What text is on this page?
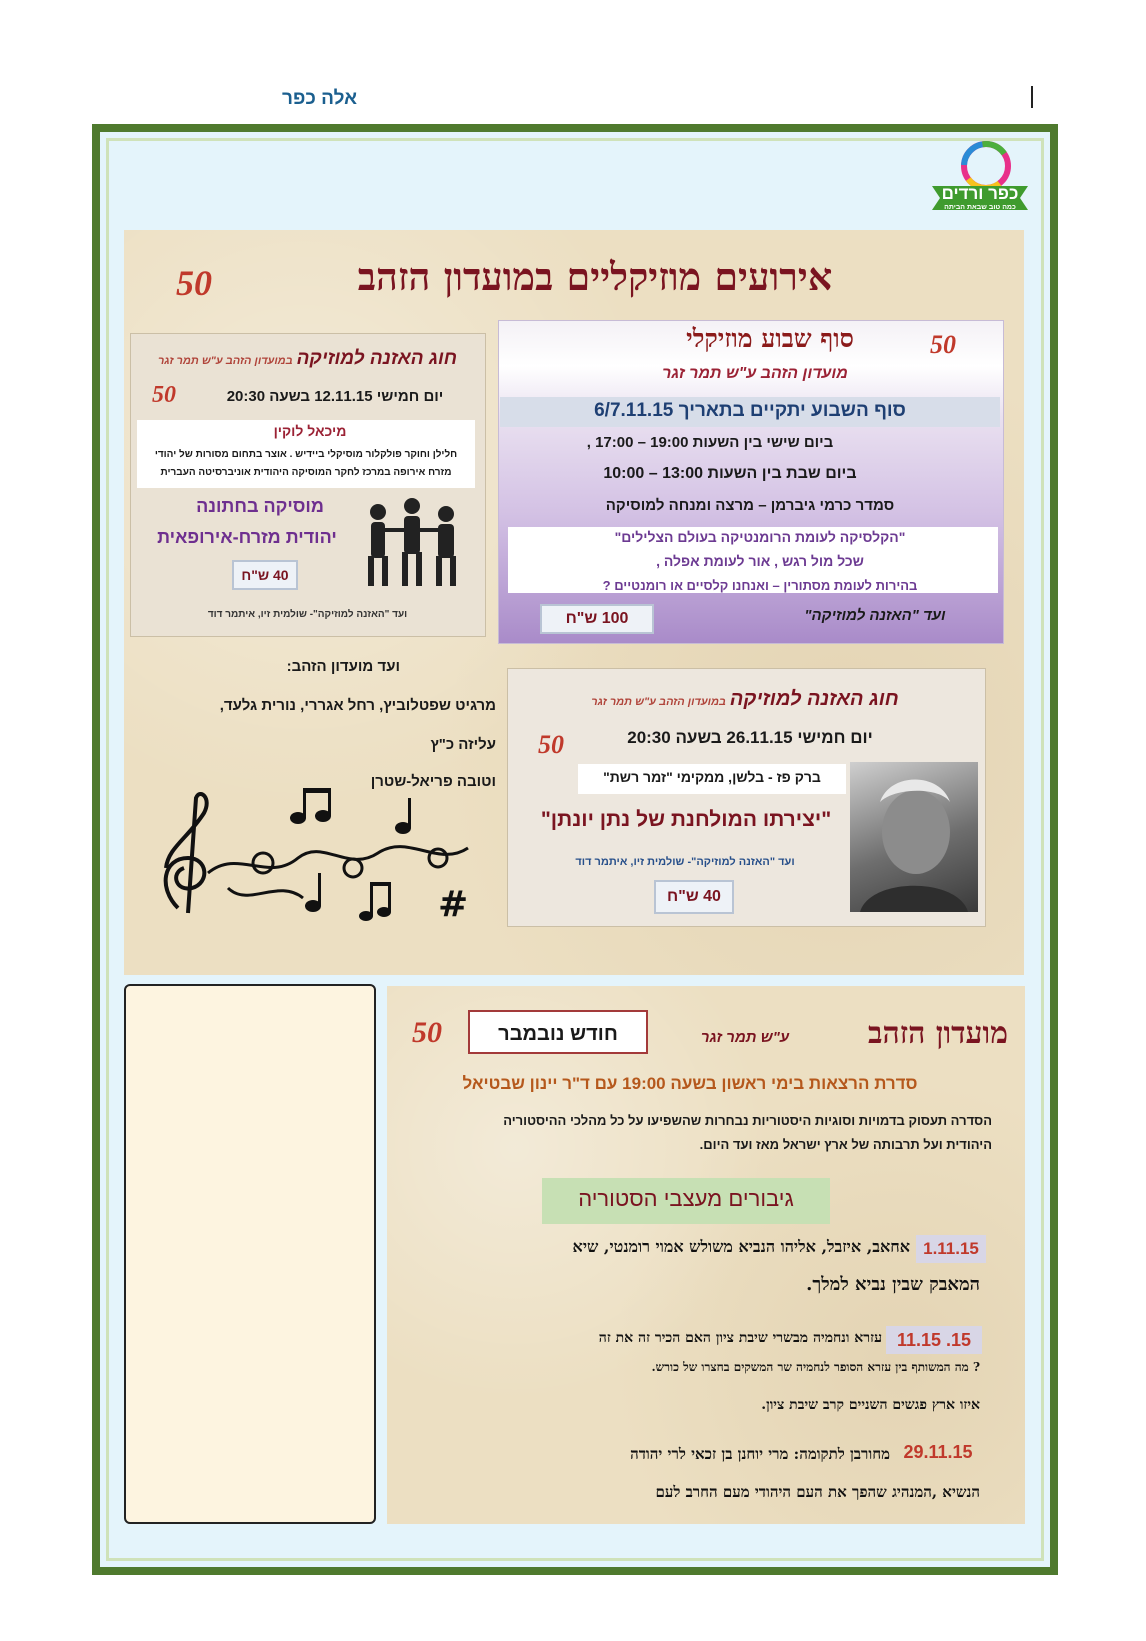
אלה כפר
כפר ורדים
כמה טוב שבאת הביתה
אירועים מוזיקליים במועדון הזהב
50
סוף שבוע מוזיקלי	50
מועדון הזהב ע"ש תמר זגר
סוף השבוע יתקיים בתאריך 6/7.11.15
ביום שישי בין השעות 19:00 – 17:00 ,
ביום שבת בין השעות 13:00 – 10:00
סמדר כרמי גיברמן – מרצה ומנחה למוסיקה
"הקלסיקה לעומת הרומנטיקה בעולם הצלילים"
שכל מול רגש , אור לעומת אפלה ,
בהירות לעומת מסתורין – ואנחנו קלסיים או רומנטיים ?
ועד "האזנה למוזיקה"
100 ש"ח
חוג האזנה למוזיקה במועדון הזהב ע"ש תמר זגר
50	יום חמישי 12.11.15 בשעה 20:30
מיכאל לוקין
חלילן וחוקר פולקלור מוסיקלי ביידיש . אוצר בתחום מסורות של יהודי
מזרח אירופה במרכז לחקר המוסיקה היהודית אוניברסיטה העברית
מוסיקה בחתונה
יהודית מזרח-אירופאית
40 ש"ח
ועד "האזנה למוזיקה"- שולמית זיו, איתמר דוד
ועד מועדון הזהב:
מרגיט שפטלוביץ, רחל אגררי, נורית גלעד,
עליזה כ"ץ
וטובה פריאל-שטרן
#
חוג האזנה למוזיקה במועדון הזהב ע"ש תמר זגר
50	יום חמישי 26.11.15 בשעה 20:30
ברק פז - בלשן, ממקימי "זמר רשת"
"יצירתו המולחנת של נתן יונתן"
ועד "האזנה למוזיקה"- שולמית זיו, איתמר דוד
40 ש"ח
מועדון הזהב
ע"ש תמר זגר
חודש נובמבר
50
סדרת הרצאות בימי ראשון בשעה 19:00 עם ד"ר יינון שבטיאל
הסדרה תעסוק בדמויות וסוגיות היסטוריות נבחרות שהשפיעו על כל מהלכי ההיסטוריה
היהודית ועל תרבותה של ארץ ישראל מאז ועד היום.
גיבורים מעצבי הסטוריה
1.11.15
אחאב, איזבל, אליהו הנביא משולש אמוי רומנטי, שיא
המאבק שבין נביא למלך.
15. 11.15
עזרא ונחמיה מבשרי שיבת ציון האם הכיר זה את זה
? מה המשותף בין עזרא הסופר לנחמיה שר המשקים בחצרו של כורש.
איזו ארץ פגשים השניים קרב שיבת ציון.
29.11.15
מחורבן לתקומה: מרי יוחנן בן זכאי לרי יהודה
הנשיא ,המנהיג שהפך את העם היהודי מעם החרב לעם
